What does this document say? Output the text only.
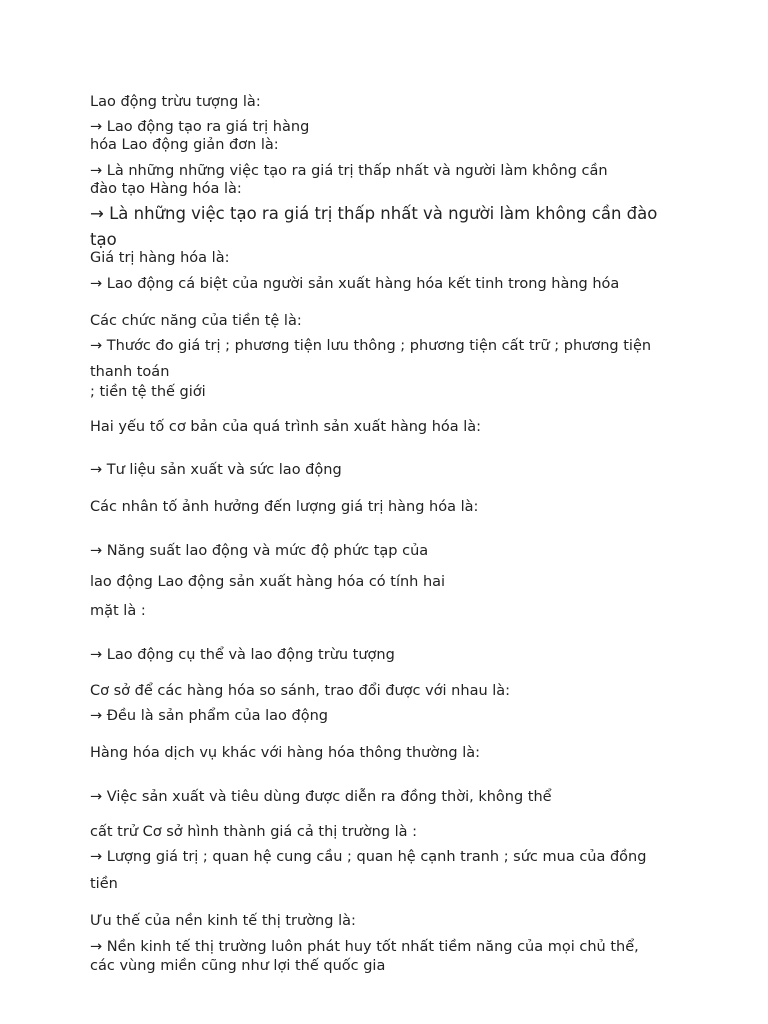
Lao động trừu tượng là:

→ Lao động tạo ra giá trị hàng

hóa Lao động giản đơn là:

→ Là những những việc tạo ra giá trị thấp nhất và người làm không cần

đào tạo Hàng hóa là:

→ Là những việc tạo ra giá trị thấp nhất và người làm không cần đào

tạo

Giá trị hàng hóa là:

→ Lao động cá biệt của người sản xuất hàng hóa kết tinh trong hàng hóa

Các chức năng của tiền tệ là:

→ Thước đo giá trị ; phương tiện lưu thông ; phương tiện cất trữ ; phương tiện

thanh toán

; tiền tệ thế giới

Hai yếu tố cơ bản của quá trình sản xuất hàng hóa là:

→ Tư liệu sản xuất và sức lao động

Các nhân tố ảnh hưởng đến lượng giá trị hàng hóa là:

→ Năng suất lao động và mức độ phức tạp của

lao động Lao động sản xuất hàng hóa có tính hai

mặt là :

→ Lao động cụ thể và lao động trừu tượng

Cơ sở để các hàng hóa so sánh, trao đổi được với nhau là:

→ Đều là sản phẩm của lao động

Hàng hóa dịch vụ khác với hàng hóa thông thường là:

→ Việc sản xuất và tiêu dùng được diễn ra đồng thời, không thể

cất trử Cơ sở hình thành giá cả thị trường là :

→ Lượng giá trị ; quan hệ cung cầu ; quan hệ cạnh tranh ; sức mua của đồng

tiền

Ưu thế của nền kinh tế thị trường là:

→ Nền kinh tế thị trường luôn phát huy tốt nhất tiềm năng của mọi chủ thể,

các vùng miền cũng như lợi thế quốc gia
